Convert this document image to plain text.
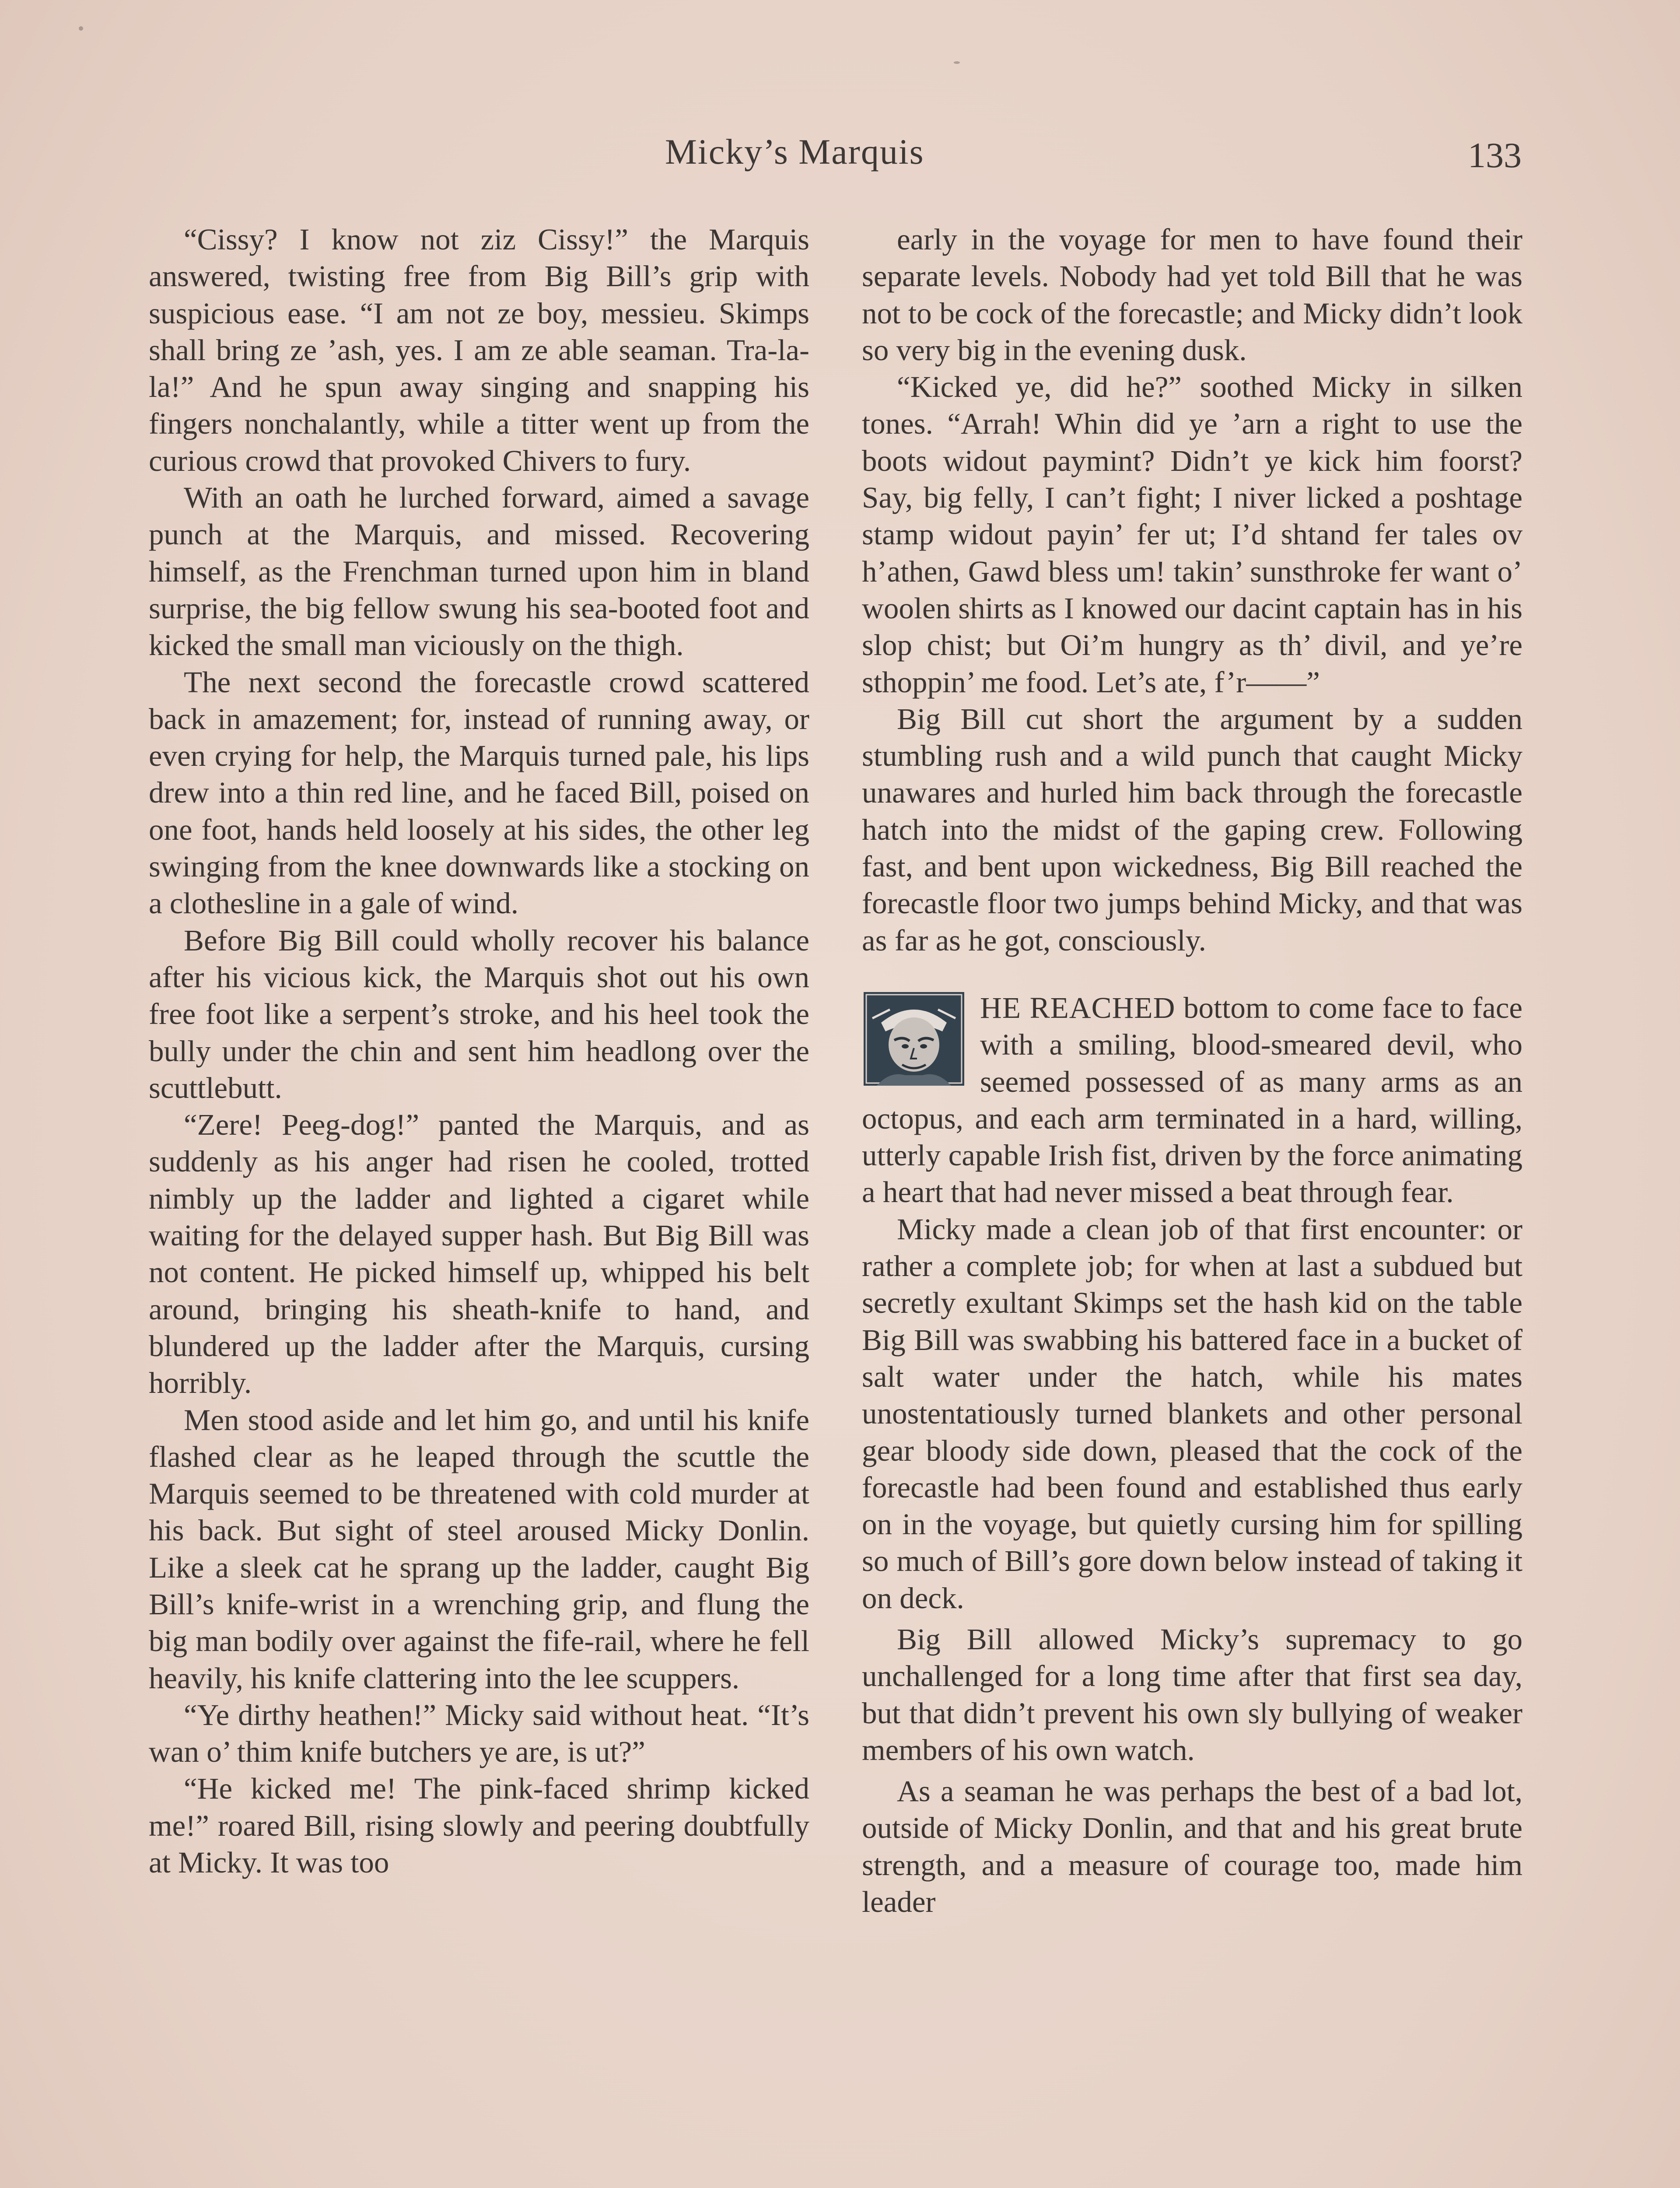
Micky’s Marquis	133

“Cissy? I know not ziz Cissy!” the Marquis answered, twisting free from Big Bill’s grip with suspicious ease. “I am not ze boy, messieu. Skimps shall bring ze ’ash, yes. I am ze able seaman. Tra-la-la!” And he spun away singing and snapping his fingers nonchalantly, while a titter went up from the curious crowd that provoked Chivers to fury.

With an oath he lurched forward, aimed a savage punch at the Marquis, and missed. Recovering himself, as the Frenchman turned upon him in bland surprise, the big fellow swung his sea-booted foot and kicked the small man viciously on the thigh.

The next second the forecastle crowd scattered back in amazement; for, instead of running away, or even crying for help, the Marquis turned pale, his lips drew into a thin red line, and he faced Bill, poised on one foot, hands held loosely at his sides, the other leg swinging from the knee downwards like a stocking on a clothesline in a gale of wind.

Before Big Bill could wholly recover his balance after his vicious kick, the Marquis shot out his own free foot like a serpent’s stroke, and his heel took the bully under the chin and sent him headlong over the scuttlebutt.

“Zere! Peeg-dog!” panted the Marquis, and as suddenly as his anger had risen he cooled, trotted nimbly up the ladder and lighted a cigaret while waiting for the delayed supper hash. But Big Bill was not content. He picked himself up, whipped his belt around, bringing his sheath-knife to hand, and blundered up the ladder after the Marquis, cursing horribly.

Men stood aside and let him go, and until his knife flashed clear as he leaped through the scuttle the Marquis seemed to be threatened with cold murder at his back. But sight of steel aroused Micky Donlin. Like a sleek cat he sprang up the ladder, caught Big Bill’s knife-wrist in a wrenching grip, and flung the big man bodily over against the fife-rail, where he fell heavily, his knife clattering into the lee scuppers.

“Ye dirthy heathen!” Micky said without heat. “It’s wan o’ thim knife butchers ye are, is ut?”

“He kicked me! The pink-faced shrimp kicked me!” roared Bill, rising slowly and peering doubtfully at Micky. It was too

early in the voyage for men to have found their separate levels. Nobody had yet told Bill that he was not to be cock of the forecastle; and Micky didn’t look so very big in the evening dusk.

“Kicked ye, did he?” soothed Micky in silken tones. “Arrah! Whin did ye ’arn a right to use the boots widout paymint? Didn’t ye kick him foorst? Say, big felly, I can’t fight; I niver licked a poshtage stamp widout payin’ fer ut; I’d shtand fer tales ov h’athen, Gawd bless um! takin’ sunsthroke fer want o’ woolen shirts as I knowed our dacint captain has in his slop chist; but Oi’m hungry as th’ divil, and ye’re sthoppin’ me food. Let’s ate, f’r——”

Big Bill cut short the argument by a sudden stumbling rush and a wild punch that caught Micky unawares and hurled him back through the forecastle hatch into the midst of the gaping crew. Following fast, and bent upon wickedness, Big Bill reached the forecastle floor two jumps behind Micky, and that was as far as he got, consciously.

HE REACHED bottom to come face to face with a smiling, blood-smeared devil, who seemed possessed of as many arms as an octopus, and each arm terminated in a hard, willing, utterly capable Irish fist, driven by the force animating a heart that had never missed a beat through fear.

Micky made a clean job of that first encounter: or rather a complete job; for when at last a subdued but secretly exultant Skimps set the hash kid on the table Big Bill was swabbing his battered face in a bucket of salt water under the hatch, while his mates unostentatiously turned blankets and other personal gear bloody side down, pleased that the cock of the forecastle had been found and established thus early on in the voyage, but quietly cursing him for spilling so much of Bill’s gore down below instead of taking it on deck.

Big Bill allowed Micky’s supremacy to go unchallenged for a long time after that first sea day, but that didn’t prevent his own sly bullying of weaker members of his own watch.

As a seaman he was perhaps the best of a bad lot, outside of Micky Donlin, and that and his great brute strength, and a measure of courage too, made him leader
